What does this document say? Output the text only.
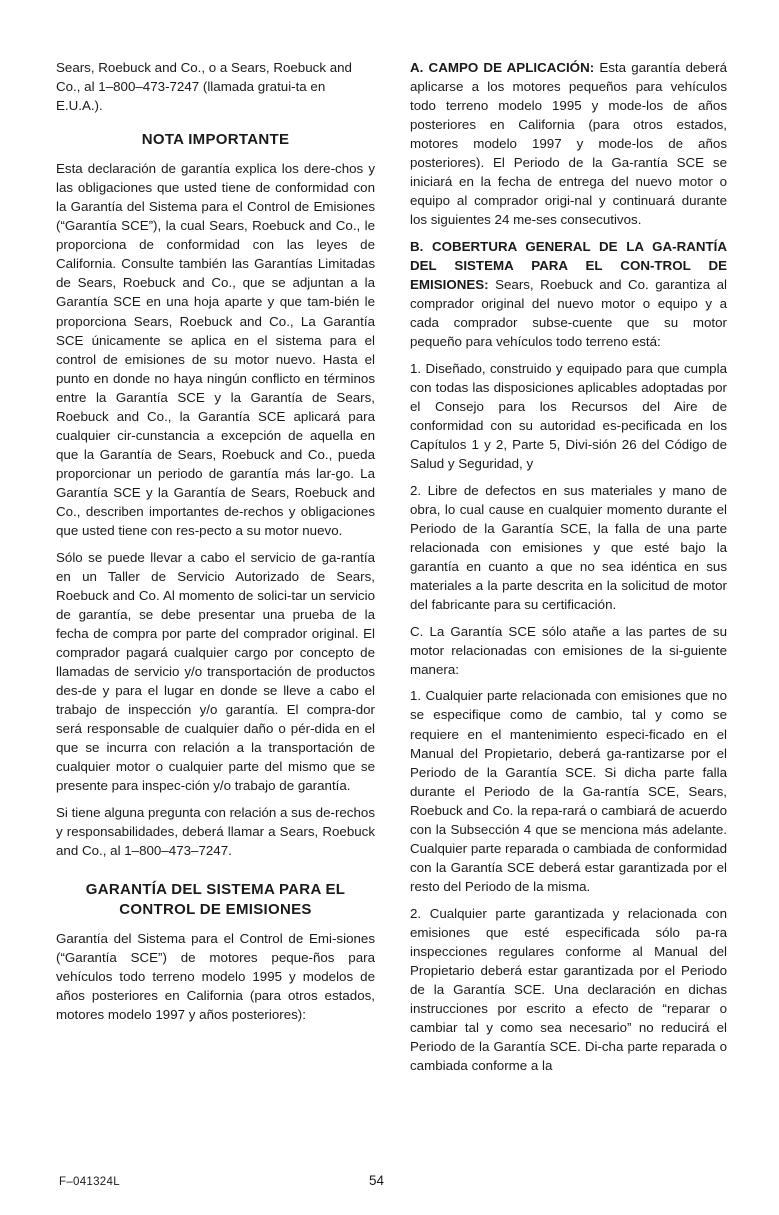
Sears, Roebuck and Co., o a Sears, Roebuck and Co., al 1–800–473-7247 (llamada gratui-ta en E.U.A.).

NOTA IMPORTANTE

Esta declaración de garantía explica los dere-chos y las obligaciones que usted tiene de conformidad con la Garantía del Sistema para el Control de Emisiones (“Garantía SCE”), la cual Sears, Roebuck and Co., le proporciona de conformidad con las leyes de California. Consulte también las Garantías Limitadas de Sears, Roebuck and Co., que se adjuntan a la Garantía SCE en una hoja aparte y que tam-bién le proporciona Sears, Roebuck and Co., La Garantía SCE únicamente se aplica en el sistema para el control de emisiones de su motor nuevo. Hasta el punto en donde no haya ningún conflicto en términos entre la Garantía SCE y la Garantía de Sears, Roebuck and Co., la Garantía SCE aplicará para cualquier cir-cunstancia a excepción de aquella en que la Garantía de Sears, Roebuck and Co., pueda proporcionar un periodo de garantía más lar-go. La Garantía SCE y la Garantía de Sears, Roebuck and Co., describen importantes de-rechos y obligaciones que usted tiene con res-pecto a su motor nuevo.

Sólo se puede llevar a cabo el servicio de ga-rantía en un Taller de Servicio Autorizado de Sears, Roebuck and Co. Al momento de solici-tar un servicio de garantía, se debe presentar una prueba de la fecha de compra por parte del comprador original. El comprador pagará cualquier cargo por concepto de llamadas de servicio y/o transportación de productos des-de y para el lugar en donde se lleve a cabo el trabajo de inspección y/o garantía. El compra-dor será responsable de cualquier daño o pér-dida en el que se incurra con relación a la transportación de cualquier motor o cualquier parte del mismo que se presente para inspec-ción y/o trabajo de garantía.

Si tiene alguna pregunta con relación a sus de-rechos y responsabilidades, deberá llamar a Sears, Roebuck and Co., al 1–800–473–7247.

GARANTÍA DEL SISTEMA PARA EL

CONTROL DE EMISIONES

Garantía del Sistema para el Control de Emi-siones (“Garantía SCE”) de motores peque-ños para vehículos todo terreno modelo 1995 y modelos de años posteriores en California (para otros estados, motores modelo 1997 y años posteriores):

A. CAMPO DE APLICACIÓN: Esta garantía deberá aplicarse a los motores pequeños para vehículos todo terreno modelo 1995 y mode-los de años posteriores en California (para otros estados, motores modelo 1997 y mode-los de años posteriores). El Periodo de la Ga-rantía SCE se iniciará en la fecha de entrega del nuevo motor o equipo al comprador origi-nal y continuará durante los siguientes 24 me-ses consecutivos.

B. COBERTURA GENERAL DE LA GA-RANTÍA DEL SISTEMA PARA EL CON-TROL DE EMISIONES: Sears, Roebuck and Co. garantiza al comprador original del nuevo motor o equipo y a cada comprador subse-cuente que su motor pequeño para vehículos todo terreno está:

1. Diseñado, construido y equipado para que cumpla con todas las disposiciones aplicables adoptadas por el Consejo para los Recursos del Aire de conformidad con su autoridad es-pecificada en los Capítulos 1 y 2, Parte 5, Divi-sión 26 del Código de Salud y Seguridad, y

2. Libre de defectos en sus materiales y mano de obra, lo cual cause en cualquier momento durante el Periodo de la Garantía SCE, la falla de una parte relacionada con emisiones y que esté bajo la garantía en cuanto a que no sea idéntica en sus materiales a la parte descrita en la solicitud de motor del fabricante para su certificación.

C. La Garantía SCE sólo atañe a las partes de su motor relacionadas con emisiones de la si-guiente manera:

1. Cualquier parte relacionada con emisiones que no se especifique como de cambio, tal y como se requiere en el mantenimiento especi-ficado en el Manual del Propietario, deberá ga-rantizarse por el Periodo de la Garantía SCE. Si dicha parte falla durante el Periodo de la Ga-rantía SCE, Sears, Roebuck and Co. la repa-rará o cambiará de acuerdo con la Subsección 4 que se menciona más adelante. Cualquier parte reparada o cambiada de conformidad con la Garantía SCE deberá estar garantizada por el resto del Periodo de la misma.

2. Cualquier parte garantizada y relacionada con emisiones que esté especificada sólo pa-ra inspecciones regulares conforme al Manual del Propietario deberá estar garantizada por el Periodo de la Garantía SCE. Una declaración en dichas instrucciones por escrito a efecto de “reparar o cambiar tal y como sea necesario” no reducirá el Periodo de la Garantía SCE. Di-cha parte reparada o cambiada conforme a la

F–041324L	54
